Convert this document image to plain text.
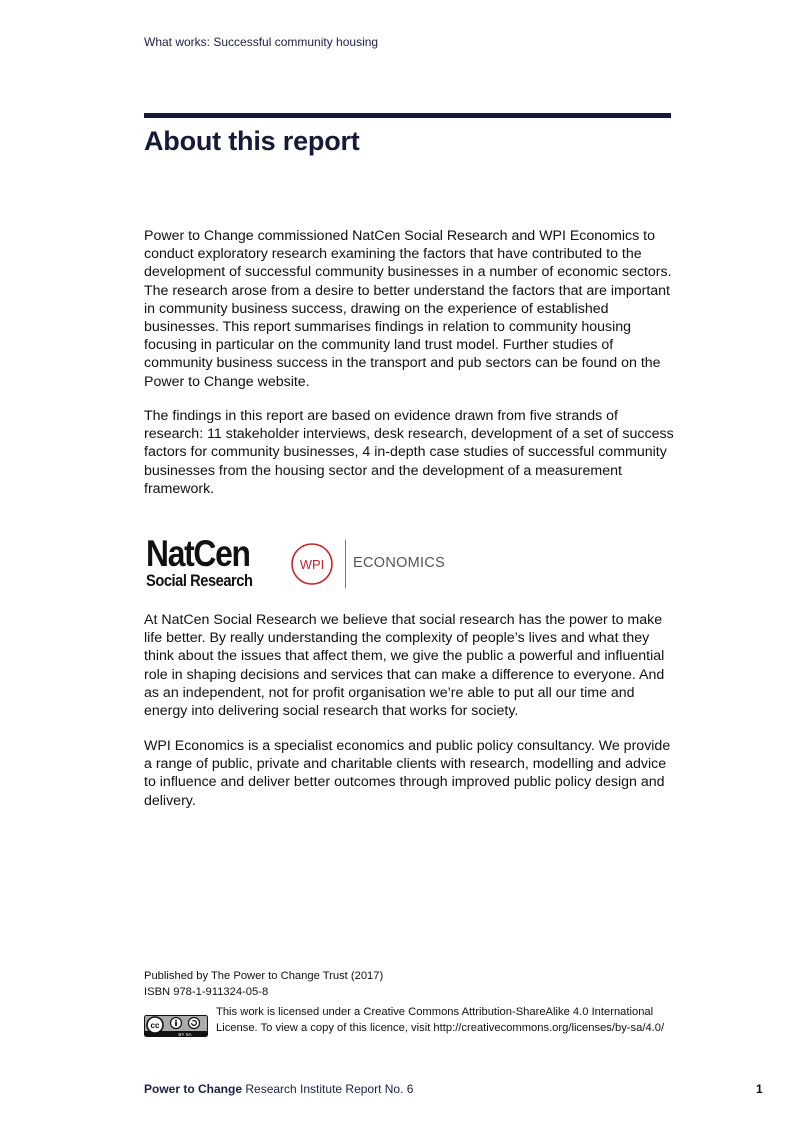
What works: Successful community housing
About this report

Power to Change commissioned NatCen Social Research and WPI Economics to conduct exploratory research examining the factors that have contributed to the development of successful community businesses in a number of economic sectors. The research arose from a desire to better understand the factors that are important in community business success, drawing on the experience of established businesses. This report summarises findings in relation to community housing focusing in particular on the community land trust model. Further studies of community business success in the transport and pub sectors can be found on the Power to Change website.

The findings in this report are based on evidence drawn from five strands of research: 11 stakeholder interviews, desk research, development of a set of success factors for community businesses, 4 in-depth case studies of successful community businesses from the housing sector and the development of a measurement framework.

NatCen
Social Research
WPI ECONOMICS

At NatCen Social Research we believe that social research has the power to make life better. By really understanding the complexity of people’s lives and what they think about the issues that affect them, we give the public a powerful and influential role in shaping decisions and services that can make a difference to everyone. And as an independent, not for profit organisation we’re able to put all our time and energy into delivering social research that works for society.

WPI Economics is a specialist economics and public policy consultancy. We provide a range of public, private and charitable clients with research, modelling and advice to influence and deliver better outcomes through improved public policy design and delivery.

Published by The Power to Change Trust (2017)

ISBN 978-1-911324-05-8

cc
BY SA

This work is licensed under a Creative Commons Attribution-ShareAlike 4.0 International License. To view a copy of this licence, visit http://creativecommons.org/licenses/by-sa/4.0/

Power to Change Research Institute Report No. 6	1
